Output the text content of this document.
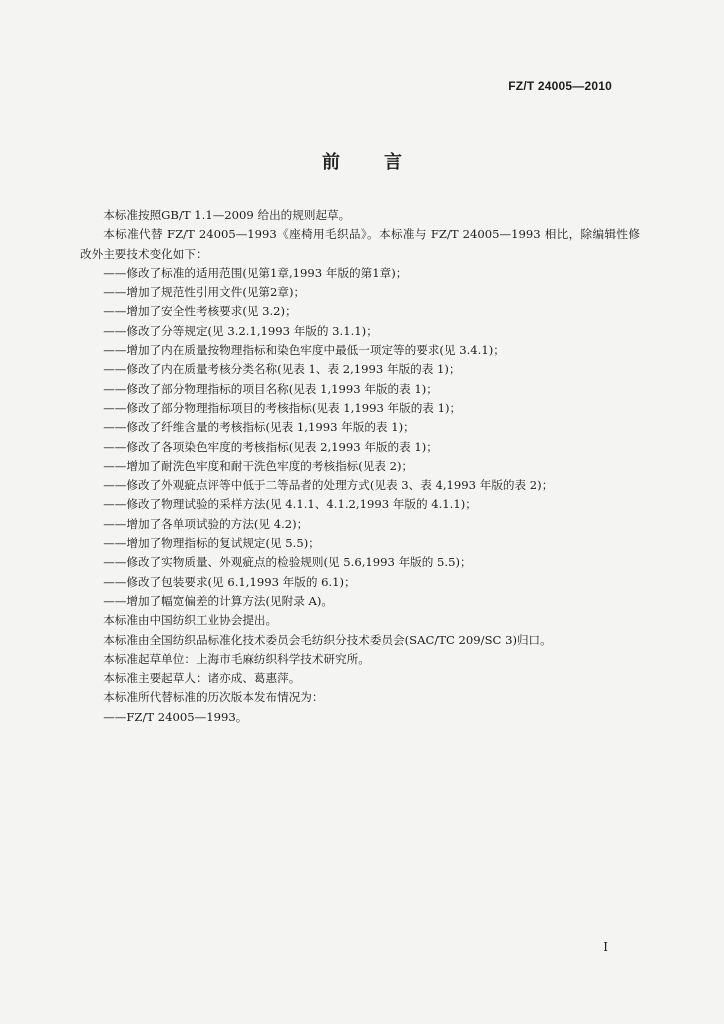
FZ/T 24005—2010
前言

本标准按照GB/T 1.1—2009 给出的规则起草。

本标准代替 FZ/T 24005—1993《座椅用毛织品》。本标准与 FZ/T 24005—1993 相比，除编辑性修改外主要技术变化如下：

——修改了标准的适用范围(见第1章,1993 年版的第1章)；

——增加了规范性引用文件(见第2章)；

——增加了安全性考核要求(见 3.2)；

——修改了分等规定(见 3.2.1,1993 年版的 3.1.1)；

——增加了内在质量按物理指标和染色牢度中最低一项定等的要求(见 3.4.1)；

——修改了内在质量考核分类名称(见表 1、表 2,1993 年版的表 1)；

——修改了部分物理指标的项目名称(见表 1,1993 年版的表 1)；

——修改了部分物理指标项目的考核指标(见表 1,1993 年版的表 1)；

——修改了纤维含量的考核指标(见表 1,1993 年版的表 1)；

——修改了各项染色牢度的考核指标(见表 2,1993 年版的表 1)；

——增加了耐洗色牢度和耐干洗色牢度的考核指标(见表 2)；

——修改了外观疵点评等中低于二等品者的处理方式(见表 3、表 4,1993 年版的表 2)；

——修改了物理试验的采样方法(见 4.1.1、4.1.2,1993 年版的 4.1.1)；

——增加了各单项试验的方法(见 4.2)；

——增加了物理指标的复试规定(见 5.5)；

——修改了实物质量、外观疵点的检验规则(见 5.6,1993 年版的 5.5)；

——修改了包装要求(见 6.1,1993 年版的 6.1)；

——增加了幅宽偏差的计算方法(见附录 A)。

本标准由中国纺织工业协会提出。

本标准由全国纺织品标准化技术委员会毛纺织分技术委员会(SAC/TC 209/SC 3)归口。

本标准起草单位：上海市毛麻纺织科学技术研究所。

本标准主要起草人：诸亦成、葛惠萍。

本标准所代替标准的历次版本发布情况为：

——FZ/T 24005—1993。

I
